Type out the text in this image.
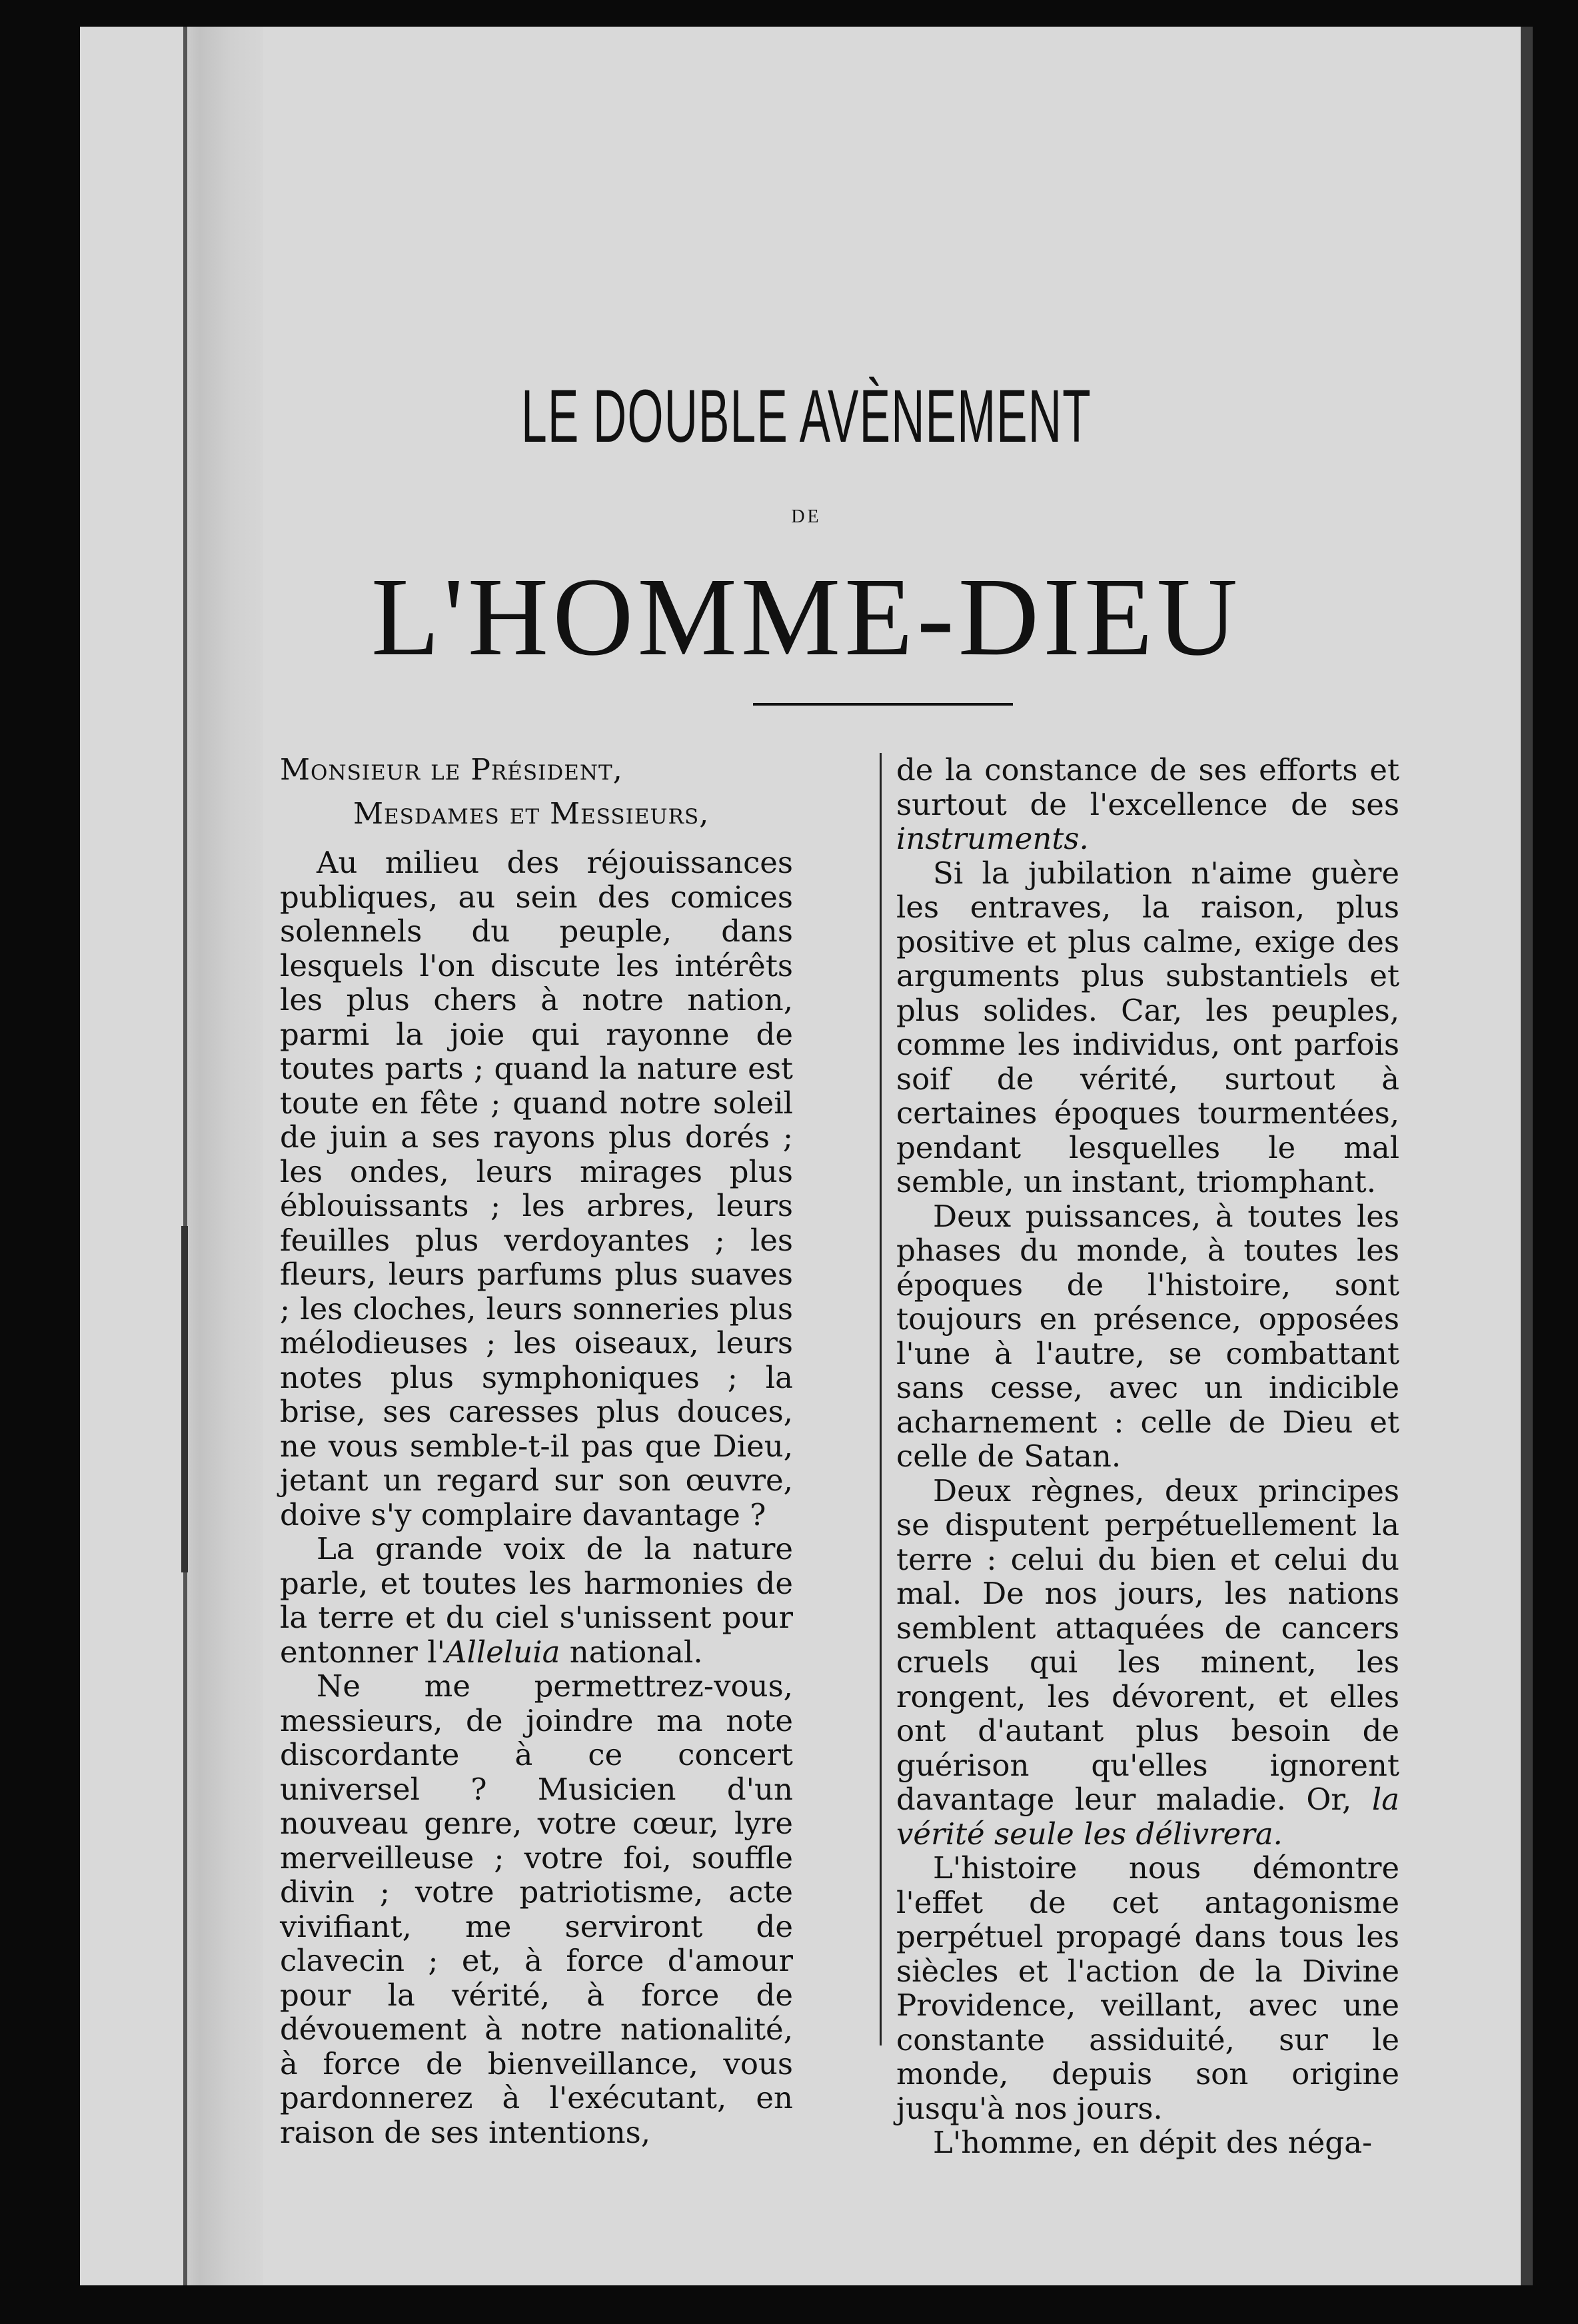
LE DOUBLE AVÈNEMENT
DE
L'HOMME-DIEU
Monsieur le Président,
Mesdames et Messieurs,

Au milieu des réjouissances publiques, au sein des comices solennels du peuple, dans lesquels l'on discute les intérêts les plus chers à notre nation, parmi la joie qui rayonne de toutes parts ; quand la nature est toute en fête ; quand notre soleil de juin a ses rayons plus dorés ; les ondes, leurs mirages plus éblouissants ; les arbres, leurs feuilles plus verdoyantes ; les fleurs, leurs parfums plus suaves ; les cloches, leurs sonneries plus mélodieuses ; les oiseaux, leurs notes plus symphoniques ; la brise, ses caresses plus douces, ne vous semble-t-il pas que Dieu, jetant un regard sur son œuvre, doive s'y complaire davantage ?

La grande voix de la nature parle, et toutes les harmonies de la terre et du ciel s'unissent pour entonner l'Alleluia national.

Ne me permettrez-vous, messieurs, de joindre ma note discordante à ce concert universel ? Musicien d'un nouveau genre, votre cœur, lyre merveilleuse ; votre foi, souffle divin ; votre patriotisme, acte vivifiant, me serviront de clavecin ; et, à force d'amour pour la vérité, à force de dévouement à notre nationalité, à force de bienveillance, vous pardonnerez à l'exécutant, en raison de ses intentions,

de la constance de ses efforts et surtout de l'excellence de ses instruments.

Si la jubilation n'aime guère les entraves, la raison, plus positive et plus calme, exige des arguments plus substantiels et plus solides. Car, les peuples, comme les individus, ont parfois soif de vérité, surtout à certaines époques tourmentées, pendant lesquelles le mal semble, un instant, triomphant.

Deux puissances, à toutes les phases du monde, à toutes les époques de l'histoire, sont toujours en présence, opposées l'une à l'autre, se combattant sans cesse, avec un indicible acharnement : celle de Dieu et celle de Satan.

Deux règnes, deux principes se disputent perpétuellement la terre : celui du bien et celui du mal. De nos jours, les nations semblent attaquées de cancers cruels qui les minent, les rongent, les dévorent, et elles ont d'autant plus besoin de guérison qu'elles ignorent davantage leur maladie. Or, la vérité seule les délivrera.

L'histoire nous démontre l'effet de cet antagonisme perpétuel propagé dans tous les siècles et l'action de la Divine Providence, veillant, avec une constante assiduité, sur le monde, depuis son origine jusqu'à nos jours.

L'homme, en dépit des néga-
